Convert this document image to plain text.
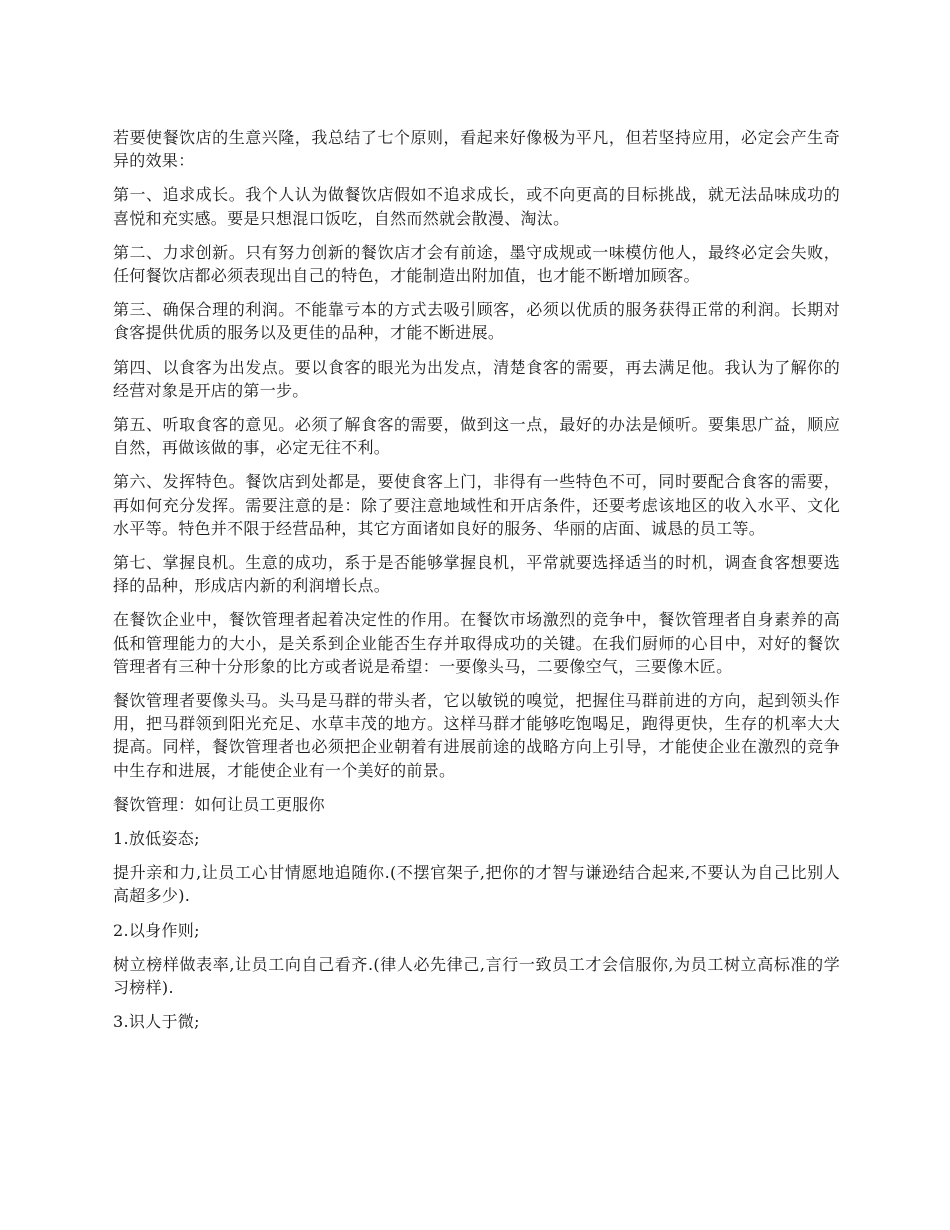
若要使餐饮店的生意兴隆，我总结了七个原则，看起来好像极为平凡，但若坚持应用，必定会产生奇异的效果：

第一、追求成长。我个人认为做餐饮店假如不追求成长，或不向更高的目标挑战，就无法品味成功的喜悦和充实感。要是只想混口饭吃，自然而然就会散漫、淘汰。

第二、力求创新。只有努力创新的餐饮店才会有前途，墨守成规或一味模仿他人，最终必定会失败，任何餐饮店都必须表现出自己的特色，才能制造出附加值，也才能不断增加顾客。

第三、确保合理的利润。不能靠亏本的方式去吸引顾客，必须以优质的服务获得正常的利润。长期对食客提供优质的服务以及更佳的品种，才能不断进展。

第四、以食客为出发点。要以食客的眼光为出发点，清楚食客的需要，再去满足他。我认为了解你的经营对象是开店的第一步。

第五、听取食客的意见。必须了解食客的需要，做到这一点，最好的办法是倾听。要集思广益，顺应自然，再做该做的事，必定无往不利。

第六、发挥特色。餐饮店到处都是，要使食客上门，非得有一些特色不可，同时要配合食客的需要，再如何充分发挥。需要注意的是：除了要注意地域性和开店条件，还要考虑该地区的收入水平、文化水平等。特色并不限于经营品种，其它方面诸如良好的服务、华丽的店面、诚恳的员工等。

第七、掌握良机。生意的成功，系于是否能够掌握良机，平常就要选择适当的时机，调查食客想要选择的品种，形成店内新的利润增长点。

在餐饮企业中，餐饮管理者起着决定性的作用。在餐饮市场激烈的竞争中，餐饮管理者自身素养的高低和管理能力的大小，是关系到企业能否生存并取得成功的关键。在我们厨师的心目中，对好的餐饮管理者有三种十分形象的比方或者说是希望：一要像头马，二要像空气，三要像木匠。

餐饮管理者要像头马。头马是马群的带头者，它以敏锐的嗅觉，把握住马群前进的方向，起到领头作用，把马群领到阳光充足、水草丰茂的地方。这样马群才能够吃饱喝足，跑得更快，生存的机率大大提高。同样，餐饮管理者也必须把企业朝着有进展前途的战略方向上引导，才能使企业在激烈的竞争中生存和进展，才能使企业有一个美好的前景。

餐饮管理：如何让员工更服你

1.放低姿态;

提升亲和力,让员工心甘情愿地追随你.(不摆官架子,把你的才智与谦逊结合起来,不要认为自己比别人高超多少).

2.以身作则;

树立榜样做表率,让员工向自己看齐.(律人必先律己,言行一致员工才会信服你,为员工树立高标准的学习榜样).

3.识人于微;
